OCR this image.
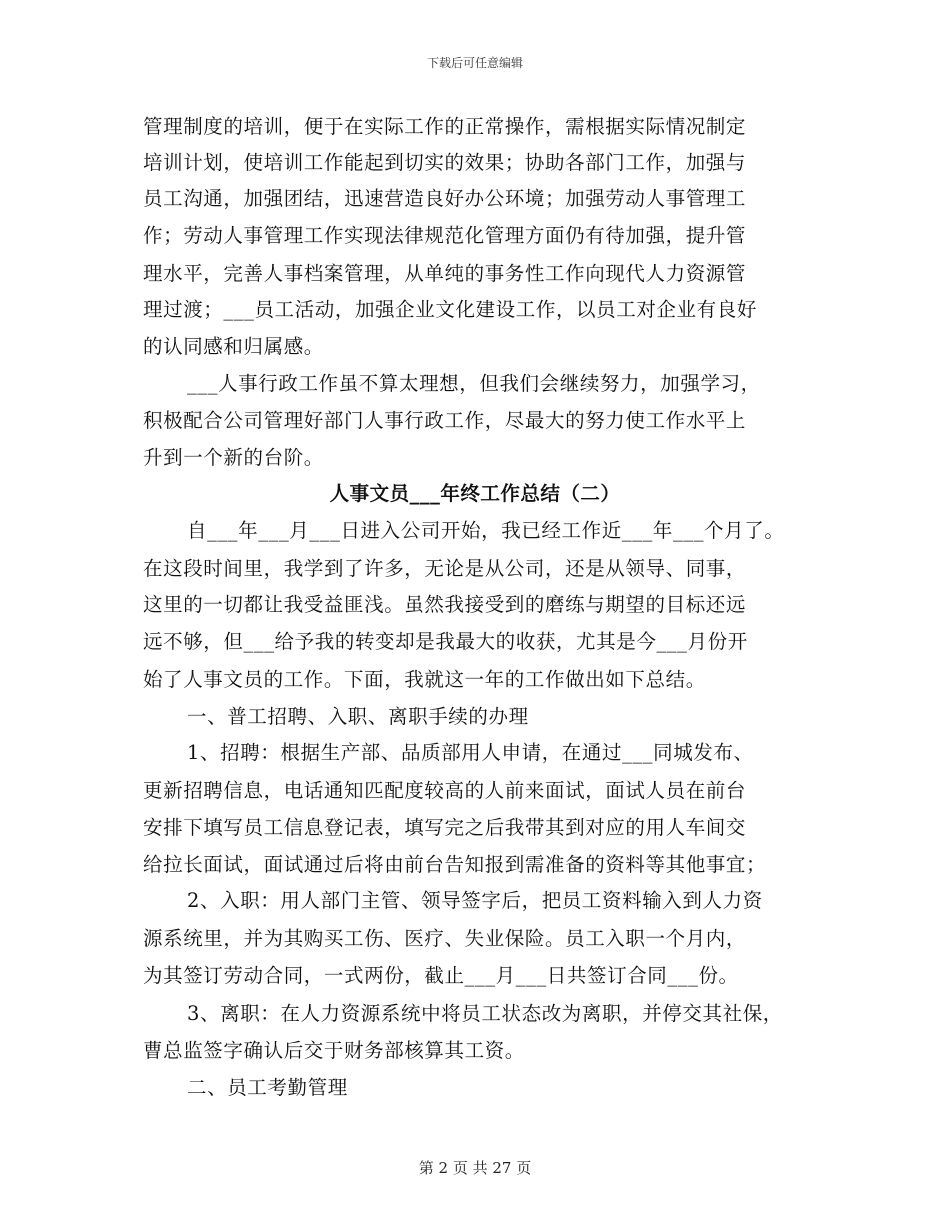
下载后可任意编辑
管理制度的培训，便于在实际工作的正常操作，需根据实际情况制定
培训计划，使培训工作能起到切实的效果；协助各部门工作，加强与
员工沟通，加强团结，迅速营造良好办公环境；加强劳动人事管理工
作；劳动人事管理工作实现法律规范化管理方面仍有待加强，提升管
理水平，完善人事档案管理，从单纯的事务性工作向现代人力资源管
理过渡；___员工活动，加强企业文化建设工作，以员工对企业有良好
的认同感和归属感。
___人事行政工作虽不算太理想，但我们会继续努力，加强学习，
积极配合公司管理好部门人事行政工作，尽最大的努力使工作水平上
升到一个新的台阶。
人事文员___年终工作总结（二）
自___年___月___日进入公司开始，我已经工作近___年___个月了。
在这段时间里，我学到了许多，无论是从公司，还是从领导、同事，
这里的一切都让我受益匪浅。虽然我接受到的磨练与期望的目标还远
远不够，但___给予我的转变却是我最大的收获，尤其是今___月份开
始了人事文员的工作。下面，我就这一年的工作做出如下总结。
一、普工招聘、入职、离职手续的办理
1、招聘：根据生产部、品质部用人申请，在通过___同城发布、
更新招聘信息，电话通知匹配度较高的人前来面试，面试人员在前台
安排下填写员工信息登记表，填写完之后我带其到对应的用人车间交
给拉长面试，面试通过后将由前台告知报到需准备的资料等其他事宜；
2、入职：用人部门主管、领导签字后，把员工资料输入到人力资
源系统里，并为其购买工伤、医疗、失业保险。员工入职一个月内，
为其签订劳动合同，一式两份，截止___月___日共签订合同___份。
3、离职：在人力资源系统中将员工状态改为离职，并停交其社保，
曹总监签字确认后交于财务部核算其工资。
二、员工考勤管理
第 2 页 共 27 页
